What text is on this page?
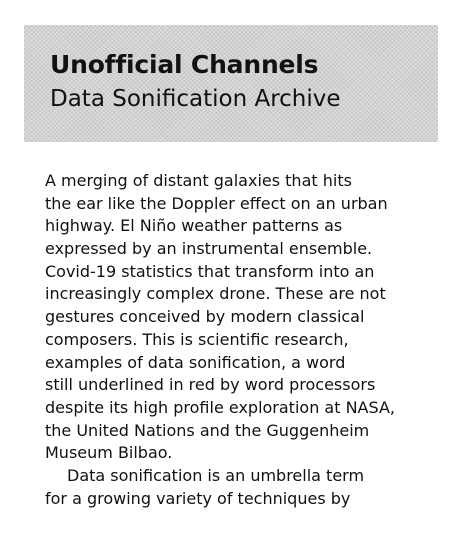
Unofficial Channels
Data Sonification Archive
A merging of distant galaxies that hits
the ear like the Doppler effect on an urban
highway. El Niño weather patterns as
expressed by an instrumental ensemble.
Covid-19 statistics that transform into an
increasingly complex drone. These are not
gestures conceived by modern classical
composers. This is scientific research,
examples of data sonification, a word
still underlined in red by word processors
despite its high profile exploration at NASA,
the United Nations and the Guggenheim
Museum Bilbao.
Data sonification is an umbrella term
for a growing variety of techniques by
